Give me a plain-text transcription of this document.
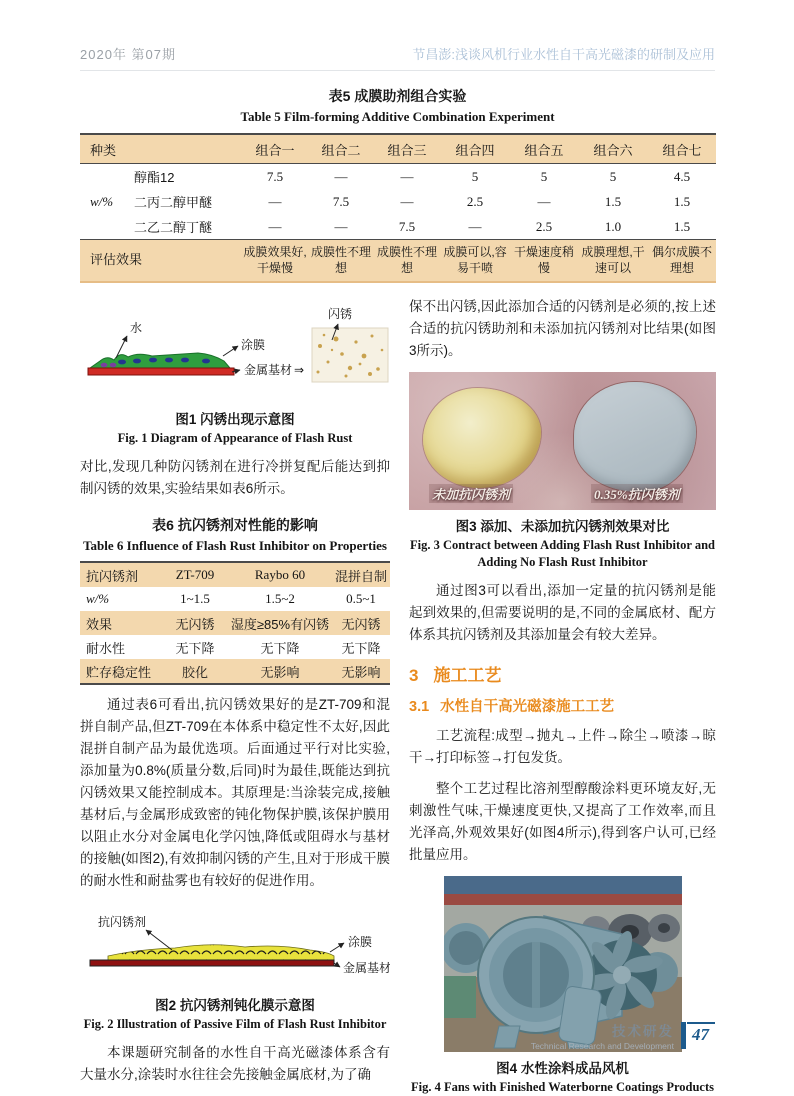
2020年 第07期	节昌澎:浅谈风机行业水性自干高光磁漆的研制及应用
表5 成膜助剂组合实验
Table 5 Film-forming Additive Combination Experiment
种类		组合一	组合二	组合三	组合四	组合五	组合六	组合七
w/%	醇酯12	7.5	—	—	5	5	5	4.5
	二丙二醇甲醚	—	7.5	—	2.5	—	1.5	1.5
	二乙二醇丁醚	—	—	7.5	—	2.5	1.0	1.5
评估效果		成膜效果好,干燥慢	成膜性不理想	成膜性不理想	成膜可以,容易干喷	干燥速度稍慢	成膜理想,干速可以	偶尔成膜不理想
水
涂膜
金属基材 ⇒
闪锈
图1 闪锈出现示意图
Fig. 1 Diagram of Appearance of Flash Rust

对比,发现几种防闪锈剂在进行冷拼复配后能达到抑制闪锈的效果,实验结果如表6所示。

表6 抗闪锈剂对性能的影响
Table 6 Influence of Flash Rust Inhibitor on Properties
抗闪锈剂	ZT-709	Raybo 60	混拼自制
w/%	1~1.5	1.5~2	0.5~1
效果	无闪锈	湿度≥85%有闪锈	无闪锈
耐水性	无下降	无下降	无下降
贮存稳定性	胶化	无影响	无影响

通过表6可看出,抗闪锈效果好的是ZT-709和混拼自制产品,但ZT-709在本体系中稳定性不太好,因此混拼自制产品为最优选项。后面通过平行对比实验,添加量为0.8%(质量分数,后同)时为最佳,既能达到抗闪锈效果又能控制成本。其原理是:当涂装完成,接触基材后,与金属形成致密的钝化物保护膜,该保护膜用以阻止水分对金属电化学闪蚀,降低或阻碍水与基材的接触(如图2),有效抑制闪锈的产生,且对于形成干膜的耐水性和耐盐雾也有较好的促进作用。

抗闪锈剂
涂膜
金属基材
图2 抗闪锈剂钝化膜示意图
Fig. 2 Illustration of Passive Film of Flash Rust Inhibitor

本课题研究制备的水性自干高光磁漆体系含有大量水分,涂装时水往往会先接触金属底材,为了确

保不出闪锈,因此添加合适的闪锈剂是必须的,按上述合适的抗闪锈助剂和未添加抗闪锈剂对比结果(如图3所示)。

未加抗闪锈剂	0.35%抗闪锈剂
图3 添加、未添加抗闪锈剂效果对比
Fig. 3 Contract between Adding Flash Rust Inhibitor and Adding No Flash Rust Inhibitor

通过图3可以看出,添加一定量的抗闪锈剂是能起到效果的,但需要说明的是,不同的金属底材、配方体系其抗闪锈剂及其添加量会有较大差异。

3 施工工艺
3.1 水性自干高光磁漆施工工艺

工艺流程:成型→抛丸→上件→除尘→喷漆→晾干→打印标签→打包发货。

整个工艺过程比溶剂型醇酸涂料更环境友好,无刺激性气味,干燥速度更快,又提高了工作效率,而且光泽高,外观效果好(如图4所示),得到客户认可,已经批量应用。

图4 水性涂料成品风机
Fig. 4 Fans with Finished Waterborne Coatings Products
技术研发
Technical Research and Development
47
